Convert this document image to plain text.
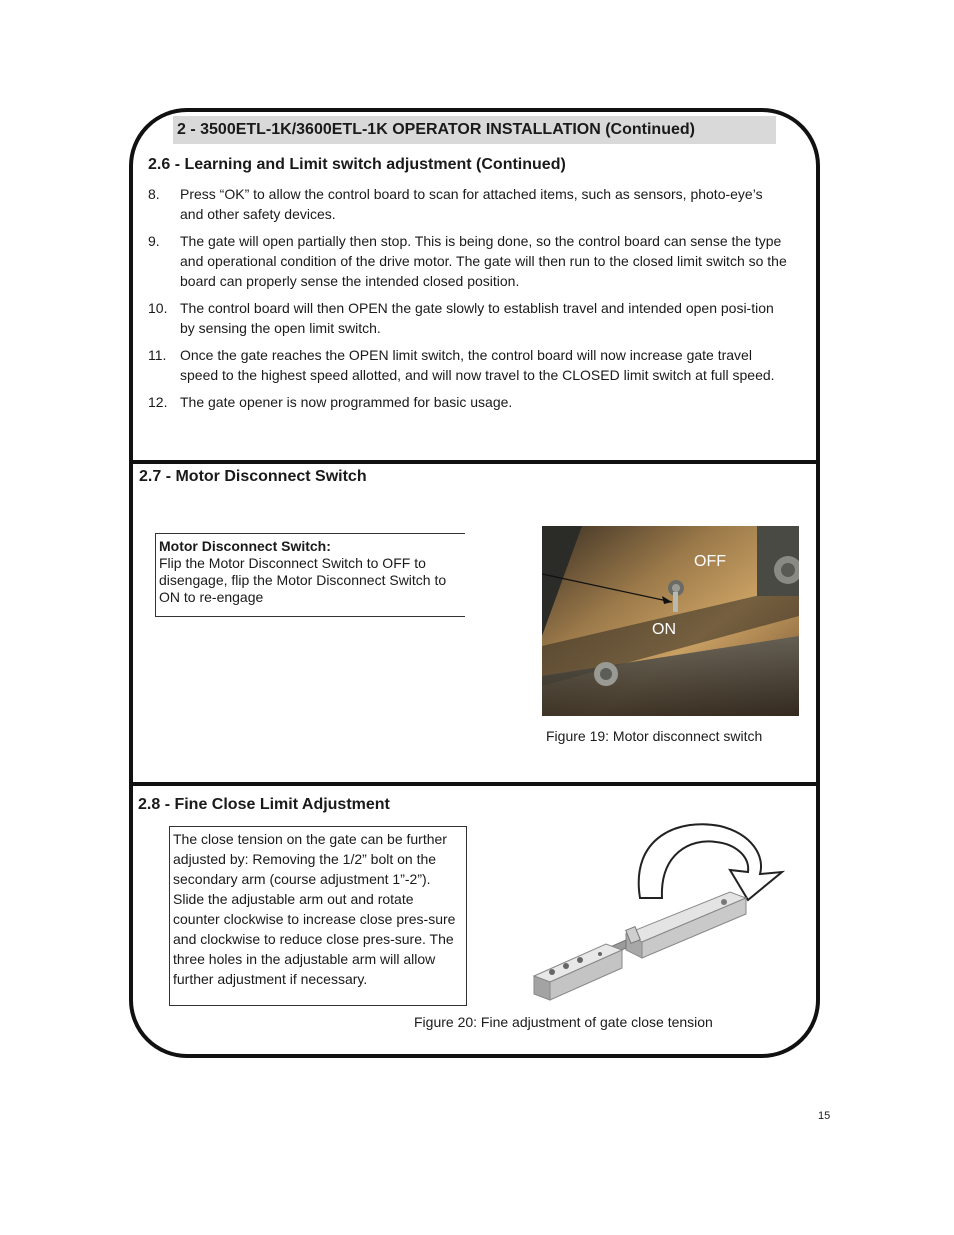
2 - 3500ETL-1K/3600ETL-1K OPERATOR INSTALLATION (Continued)
2.6 - Learning and Limit switch adjustment (Continued)
8. Press “OK” to allow the control board to scan for attached items, such as sensors, photo-eye’s and other safety devices.
9. The gate will open partially then stop. This is being done, so the control board can sense the type and operational condition of the drive motor. The gate will then run to the closed limit switch so the board can properly sense the intended closed position.
10. The control board will then OPEN the gate slowly to establish travel and intended open posi-tion by sensing the open limit switch.
11. Once the gate reaches the OPEN limit switch, the control board will now increase gate travel speed to the highest speed allotted, and will now travel to the CLOSED limit switch at full speed.
12. The gate opener is now programmed for basic usage.
2.7 - Motor Disconnect Switch
Motor Disconnect Switch:
Flip the Motor Disconnect Switch to OFF to disengage, flip the Motor Disconnect Switch to ON to re-engage
OFF
ON
Figure 19: Motor disconnect switch
2.8 - Fine Close Limit Adjustment
The close tension on the gate can be further adjusted by: Removing the 1/2” bolt on the secondary arm (course adjustment 1”-2”). Slide the adjustable arm out and rotate counter clockwise to increase close pres-sure and clockwise to reduce close pres-sure. The three holes in the adjustable arm will allow further adjustment if necessary.
Figure 20: Fine adjustment of gate close tension
15
